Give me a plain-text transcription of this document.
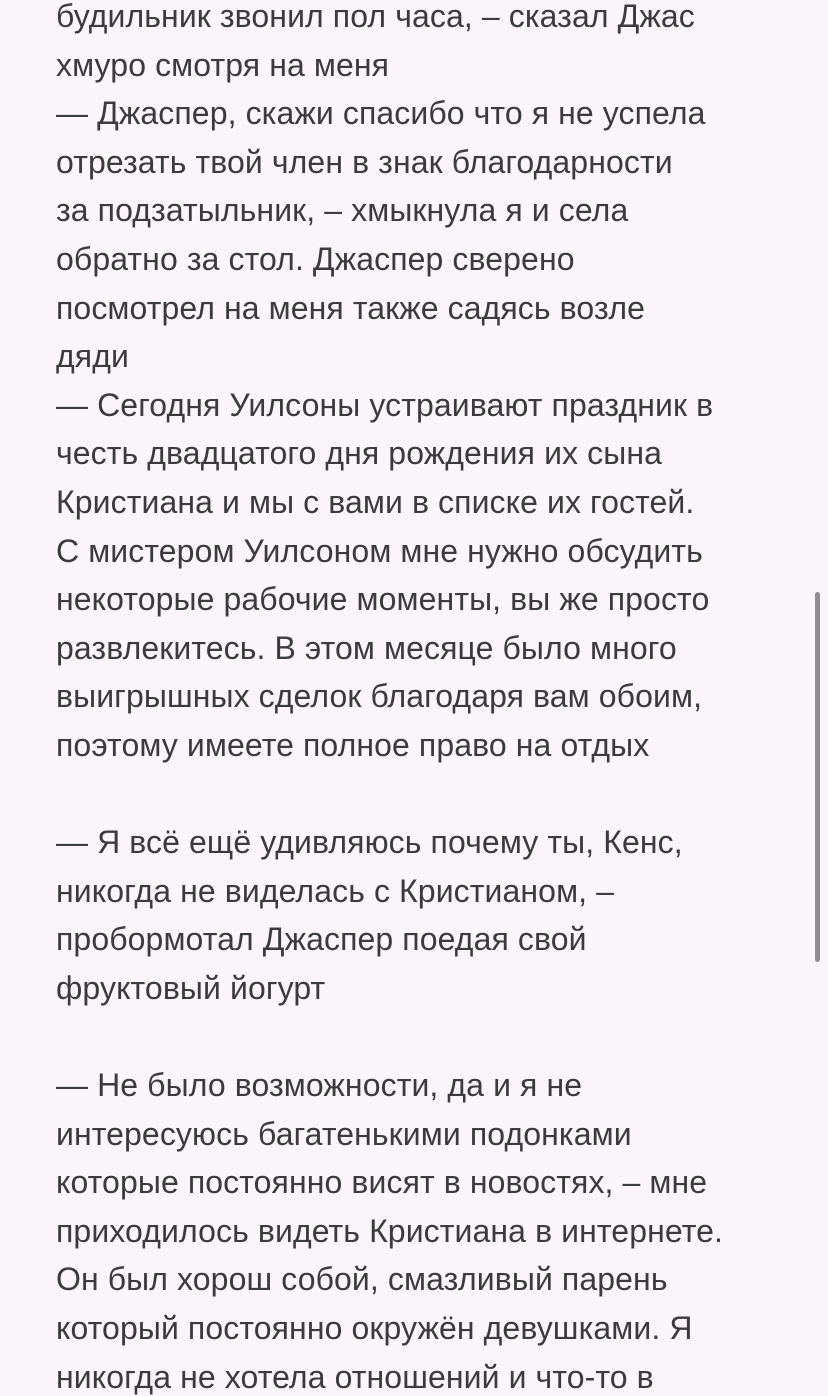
будильник звонил пол часа, – сказал Джас
хмуро смотря на меня
— Джаспер, скажи спасибо что я не успела
отрезать твой член в знак благодарности
за подзатыльник, – хмыкнула я и села
обратно за стол. Джаспер сверено
посмотрел на меня также садясь возле
дяди
— Сегодня Уилсоны устраивают праздник в
честь двадцатого дня рождения их сына
Кристиана и мы с вами в списке их гостей.
С мистером Уилсоном мне нужно обсудить
некоторые рабочие моменты, вы же просто
развлекитесь. В этом месяце было много
выигрышных сделок благодаря вам обоим,
поэтому имеете полное право на отдых
— Я всё ещё удивляюсь почему ты, Кенс,
никогда не виделась с Кристианом, –
пробормотал Джаспер поедая свой
фруктовый йогурт
— Не было возможности, да и я не
интересуюсь багатенькими подонками
которые постоянно висят в новостях, – мне
приходилось видеть Кристиана в интернете.
Он был хорош собой, смазливый парень
который постоянно окружён девушками. Я
никогда не хотела отношений и что-то в
